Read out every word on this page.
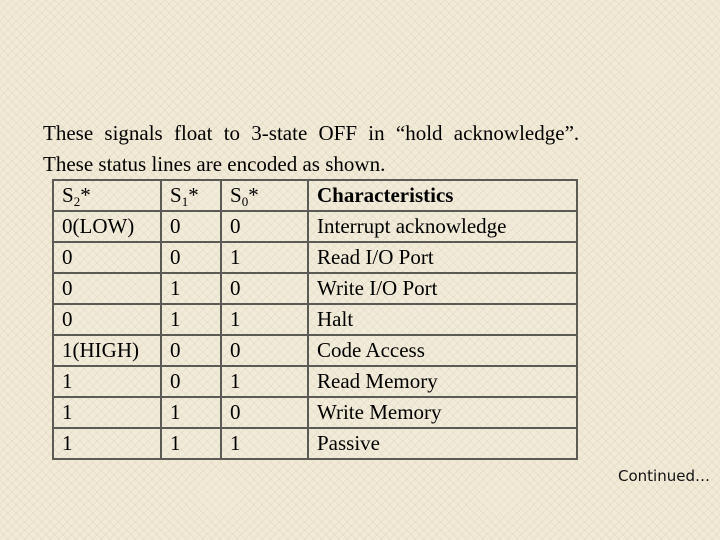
These signals float to 3-state OFF in “hold acknowledge”.
These status lines are encoded as shown.
$S_2*$	$S_1*$	$S_0*$	Characteristics
0(LOW)	0	0	Interrupt acknowledge
0	0	1	Read I/O Port
0	1	0	Write I/O Port
0	1	1	Halt
1(HIGH)	0	0	Code Access
1	0	1	Read Memory
1	1	0	Write Memory
1	1	1	Passive
Continued…
